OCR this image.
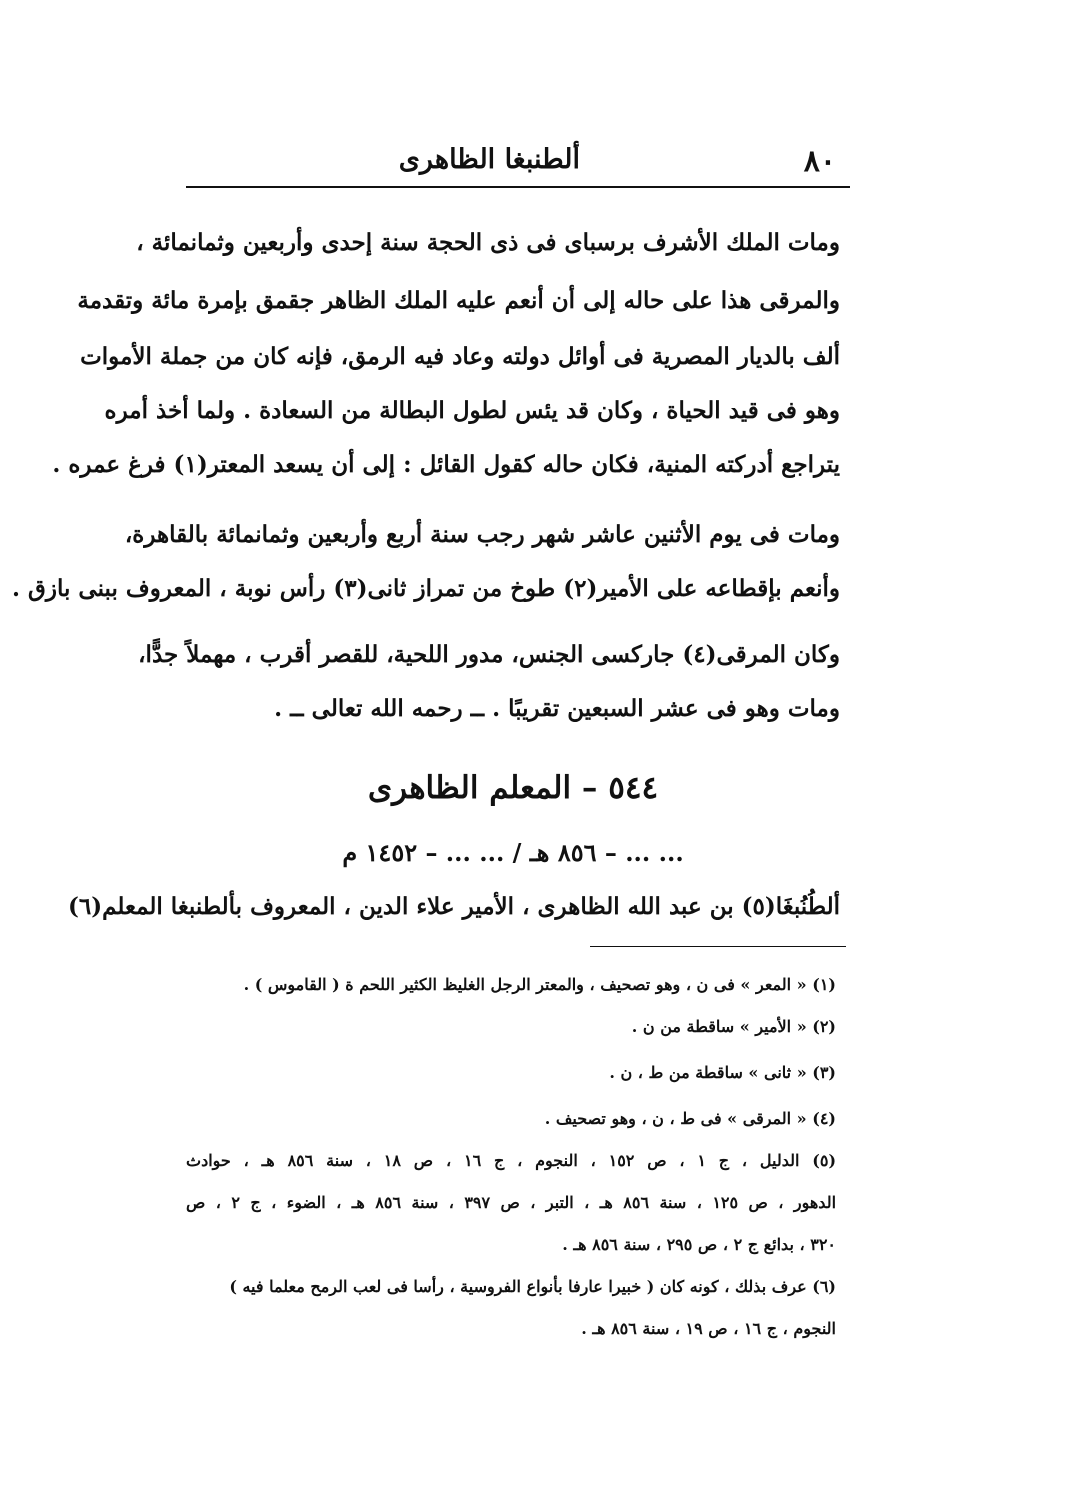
٨٠
ألطنبغا الظاهرى
ومات الملك الأشرف برسباى فى ذى الحجة سنة إحدى وأربعين وثمانمائة ،
والمرقى هذا على حاله إلى أن أنعم عليه الملك الظاهر جقمق بإمرة مائة وتقدمة
ألف بالديار المصرية فى أوائل دولته وعاد فيه الرمق، فإنه كان من جملة الأموات
وهو فى قيد الحياة ، وكان قد يئس لطول البطالة من السعادة . ولما أخذ أمره
يتراجع أدركته المنية، فكان حاله كقول القائل : إلى أن يسعد المعتر(١) فرغ عمره .
ومات فى يوم الأثنين عاشر شهر رجب سنة أربع وأربعين وثمانمائة بالقاهرة،
وأنعم بإقطاعه على الأمير(٢) طوخ من تمراز ثانى(٣) رأس نوبة ، المعروف ببنى بازق .
وكان المرقى(٤) جاركسى الجنس، مدور اللحية، للقصر أقرب ، مهملاً جدًّا،
ومات وهو فى عشر السبعين تقريبًا . ــ رحمه الله تعالى ــ .
٥٤٤ – المعلم الظاهرى
... ... – ٨٥٦ هـ / ... ... – ١٤٥٢ م
ألطُنُبغَا(٥) بن عبد الله الظاهرى ، الأمير علاء الدين ، المعروف بألطنبغا المعلم(٦)
(١) « المعر » فى ن ، وهو تصحيف ، والمعتر الرجل الغليظ الكثير اللحم ة ( القاموس ) .
(٢) « الأمير » ساقطة من ن .
(٣) « ثانى » ساقطة من ط ، ن .
(٤) « المرقى » فى ط ، ن ، وهو تصحيف .
(٥) الدليل ، ج ١ ، ص ١٥٢ ، النجوم ، ج ١٦ ، ص ١٨ ، سنة ٨٥٦ هـ ، حوادث
الدهور ، ص ١٢٥ ، سنة ٨٥٦ هـ ، التبر ، ص ٣٩٧ ، سنة ٨٥٦ هـ ، الضوء ، ج ٢ ، ص
٣٢٠ ، بدائع ج ٢ ، ص ٢٩٥ ، سنة ٨٥٦ هـ .
(٦) عرف بذلك ، كونه كان ( خبيرا عارفا بأنواع الفروسية ، رأسا فى لعب الرمح معلما فيه )
النجوم ، ج ١٦ ، ص ١٩ ، سنة ٨٥٦ هـ .
